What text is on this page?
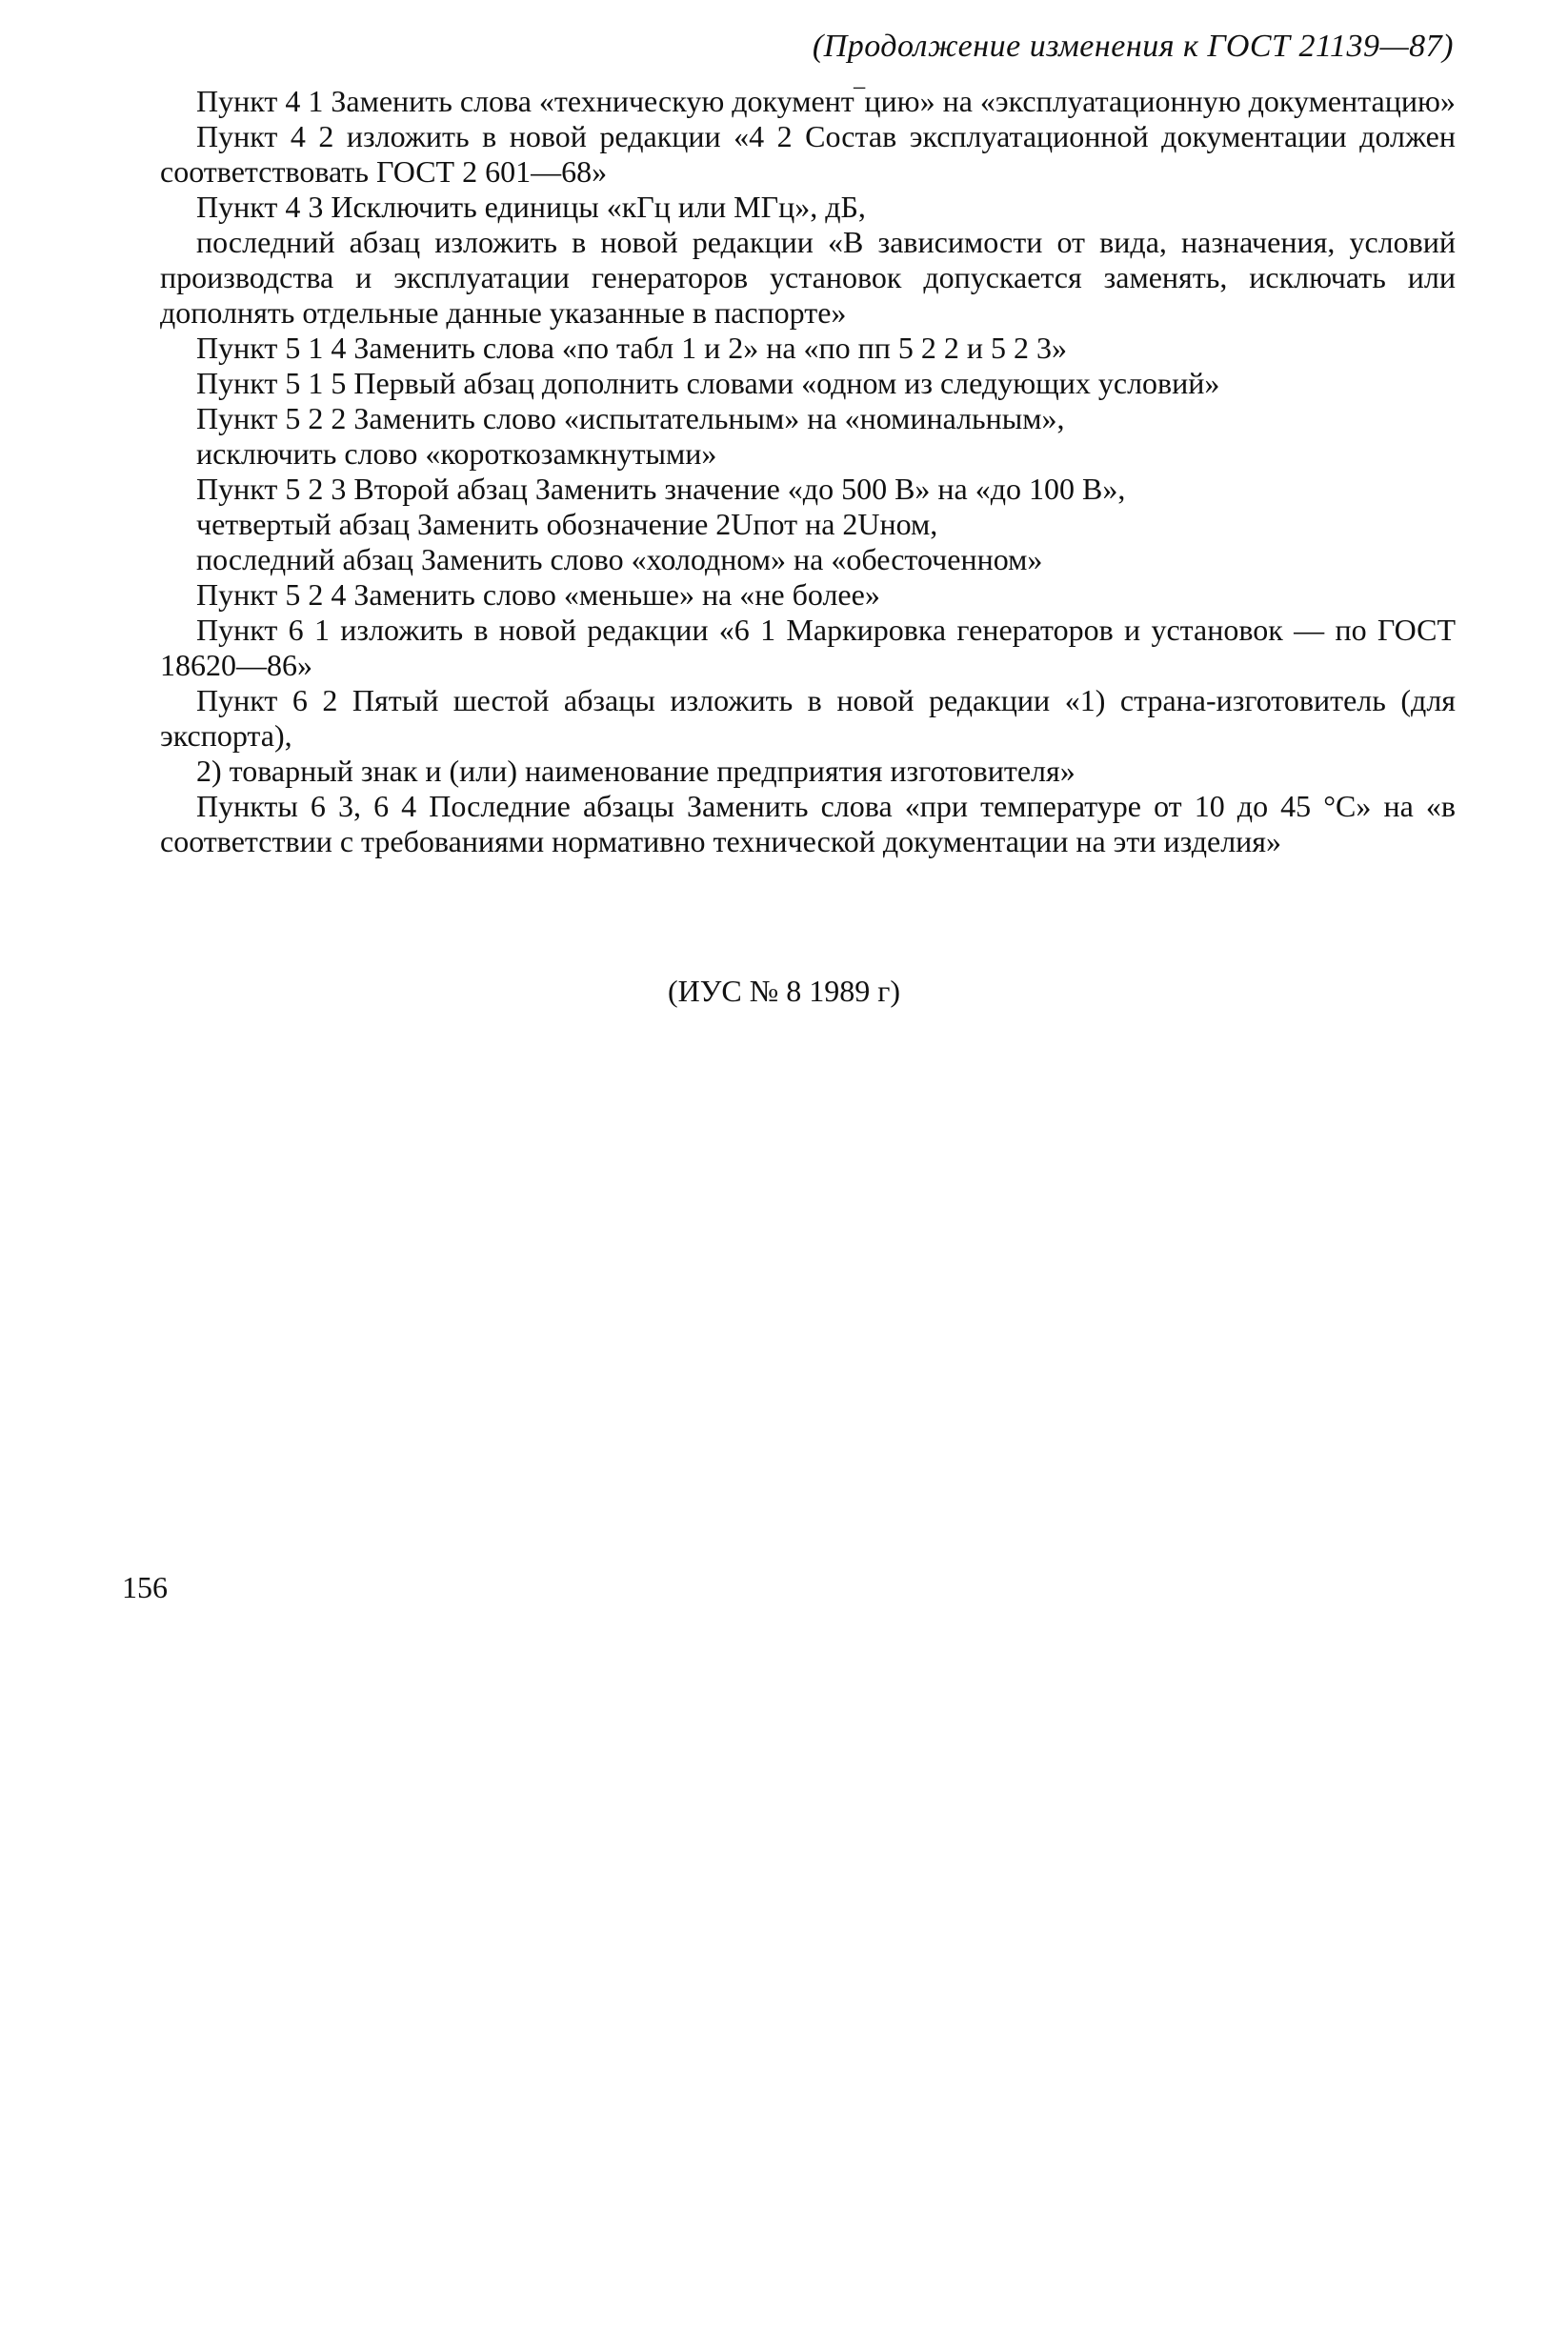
(Продолжение изменения к ГОСТ 21139—87)

Пункт 4 1 Заменить слова «техническую документ‾цию» на «эксплуатационную документацию»

Пункт 4 2 изложить в новой редакции «4 2 Состав эксплуатационной документации должен соответствовать ГОСТ 2 601—68»

Пункт 4 3 Исключить единицы «кГц или МГц», дБ,

последний абзац изложить в новой редакции «В зависимости от вида, назначения, условий производства и эксплуатации генераторов установок допускается заменять, исключать или дополнять отдельные данные указанные в паспорте»

Пункт 5 1 4 Заменить слова «по табл 1 и 2» на «по пп 5 2 2 и 5 2 3»

Пункт 5 1 5 Первый абзац дополнить словами «одном из следующих условий»

Пункт 5 2 2 Заменить слово «испытательным» на «номинальным»,

исключить слово «короткозамкнутыми»

Пункт 5 2 3 Второй абзац Заменить значение «до 500 В» на «до 100 В»,

четвертый абзац Заменить обозначение 2Uпот на 2Uном,

последний абзац Заменить слово «холодном» на «обесточенном»

Пункт 5 2 4 Заменить слово «меньше» на «не более»

Пункт 6 1 изложить в новой редакции «6 1 Маркировка генераторов и установок — по ГОСТ 18620—86»

Пункт 6 2 Пятый шестой абзацы изложить в новой редакции «1) страна-изготовитель (для экспорта),

2) товарный знак и (или) наименование предприятия изготовителя»

Пункты 6 3, 6 4 Последние абзацы Заменить слова «при температуре от 10 до 45 °С» на «в соответствии с требованиями нормативно технической документации на эти изделия»

(ИУС № 8 1989 г)
156
